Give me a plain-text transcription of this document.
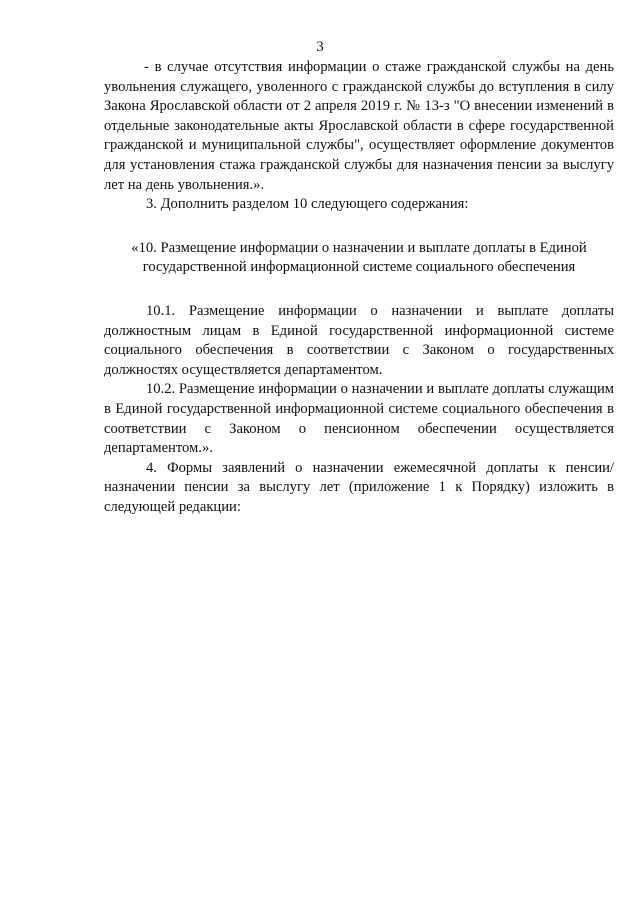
3

- в случае отсутствия информации о стаже гражданской службы на день увольнения служащего, уволенного с гражданской службы до вступления в силу Закона Ярославской области от 2 апреля 2019 г. № 13-з "О внесении изменений в отдельные законодательные акты Ярославской области в сфере государственной гражданской и муниципальной службы", осуществляет оформление документов для установления стажа гражданской службы для назначения пенсии за выслугу лет на день увольнения.».

3. Дополнить разделом 10 следующего содержания:

«10. Размещение информации о назначении и выплате доплаты в Единой государственной информационной системе социального обеспечения

10.1. Размещение информации о назначении и выплате доплаты должностным лицам в Единой государственной информационной системе социального обеспечения в соответствии с Законом о государственных должностях осуществляется департаментом.

10.2. Размещение информации о назначении и выплате доплаты служащим в Единой государственной информационной системе социального обеспечения в соответствии с Законом о пенсионном обеспечении осуществляется департаментом.».

4. Формы заявлений о назначении ежемесячной доплаты к пенсии/ назначении пенсии за выслугу лет (приложение 1 к Порядку) изложить в следующей редакции:
